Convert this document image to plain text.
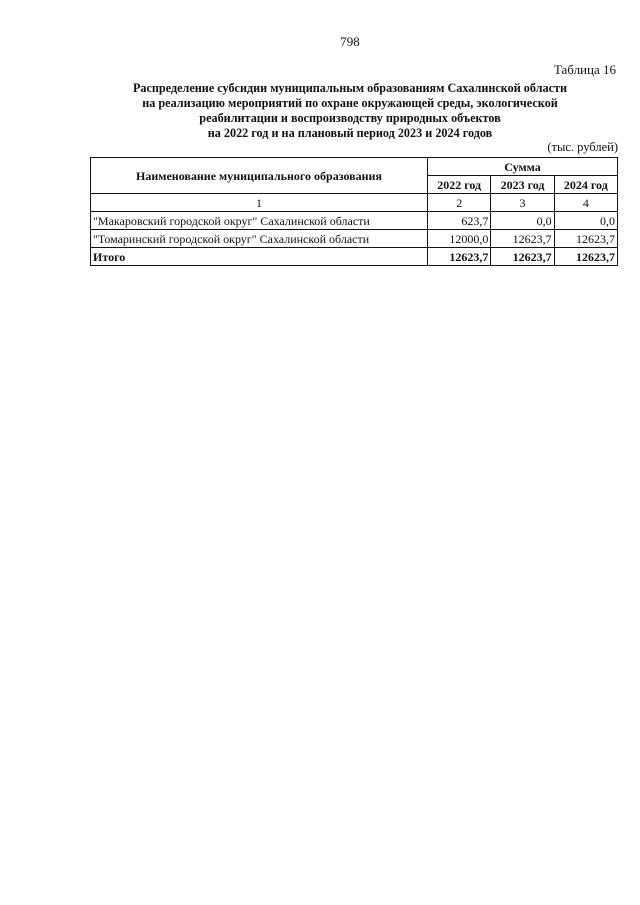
798
Таблица 16
Распределение субсидии муниципальным образованиям Сахалинской области
на реализацию мероприятий по охране окружающей среды, экологической
реабилитации и воспроизводству природных объектов
на 2022 год и на плановый период 2023 и 2024 годов
(тыс. рублей)
Наименование муниципального образования	Сумма		
	2022 год	2023 год	2024 год
1	2	3	4
"Макаровский городской округ" Сахалинской области	623,7	0,0	0,0
"Томаринский городской округ" Сахалинской области	12000,0	12623,7	12623,7
Итого	12623,7	12623,7	12623,7
